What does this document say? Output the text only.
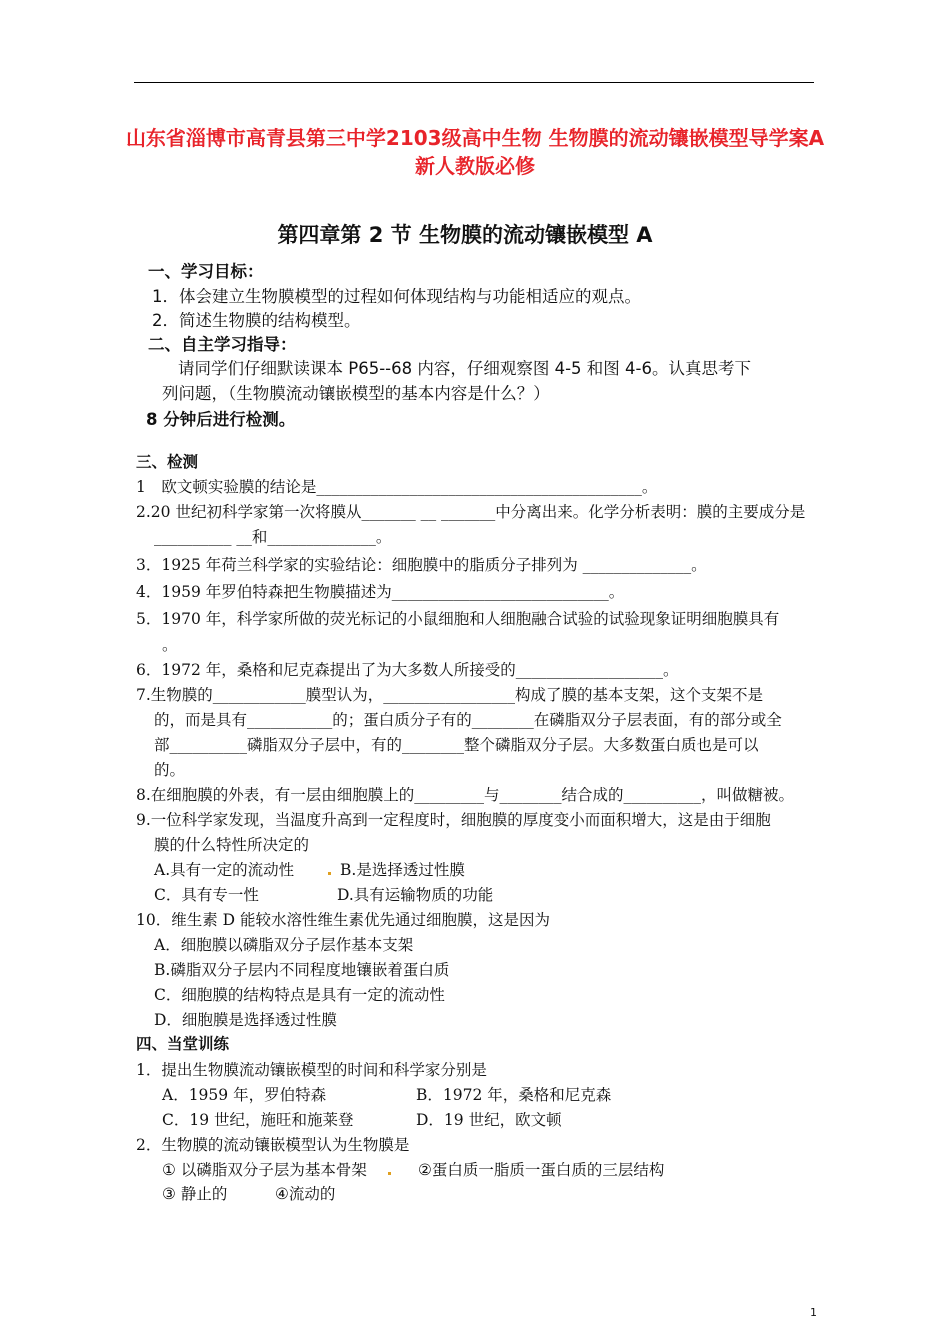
山东省淄博市高青县第三中学2103级高中生物 生物膜的流动镶嵌模型导学案A 新人教版必修
第四章第 2 节 生物膜的流动镶嵌模型 A
一、学习目标：
1．体会建立生物膜模型的过程如何体现结构与功能相适应的观点。
2．简述生物膜的结构模型。
二、自主学习指导：
请同学们仔细默读课本 P65--68 内容，仔细观察图 4-5 和图 4-6。认真思考下
列问题，（生物膜流动镶嵌模型的基本内容是什么？）
8 分钟后进行检测。
三、检测
1　欧文顿实验膜的结论是__________________________________________。
2.20 世纪初科学家第一次将膜从_______ __ _______中分离出来。化学分析表明：膜的主要成分是
__________ __和______________。
3．1925 年荷兰科学家的实验结论：细胞膜中的脂质分子排列为 ______________。
4．1959 年罗伯特森把生物膜描述为____________________________。
5．1970 年，科学家所做的荧光标记的小鼠细胞和人细胞融合试验的试验现象证明细胞膜具有
。
6．1972 年，桑格和尼克森提出了为大多数人所接受的___________________。
7.生物膜的____________膜型认为，_________________构成了膜的基本支架，这个支架不是
的，而是具有___________的；蛋白质分子有的________在磷脂双分子层表面，有的部分或全
部__________磷脂双分子层中，有的________整个磷脂双分子层。大多数蛋白质也是可以
的。
8.在细胞膜的外表，有一层由细胞膜上的_________与________结合成的__________，叫做糖被。
9.一位科学家发现，当温度升高到一定程度时，细胞膜的厚度变小而面积增大，这是由于细胞
膜的什么特性所决定的
A.具有一定的流动性	B.是选择透过性膜
C．具有专一性	D.具有运输物质的功能
10．维生素 D 能较水溶性维生素优先通过细胞膜，这是因为
A．细胞膜以磷脂双分子层作基本支架
B.磷脂双分子层内不同程度地镶嵌着蛋白质
C．细胞膜的结构特点是具有一定的流动性
D．细胞膜是选择透过性膜
四、当堂训练
1．提出生物膜流动镶嵌模型的时间和科学家分别是
A．1959 年，罗伯特森	B．1972 年，桑格和尼克森
C．19 世纪，施旺和施莱登	D．19 世纪，欧文顿
2．生物膜的流动镶嵌模型认为生物膜是
① 以磷脂双分子层为基本骨架	②蛋白质一脂质一蛋白质的三层结构
③ 静止的	④流动的
1
